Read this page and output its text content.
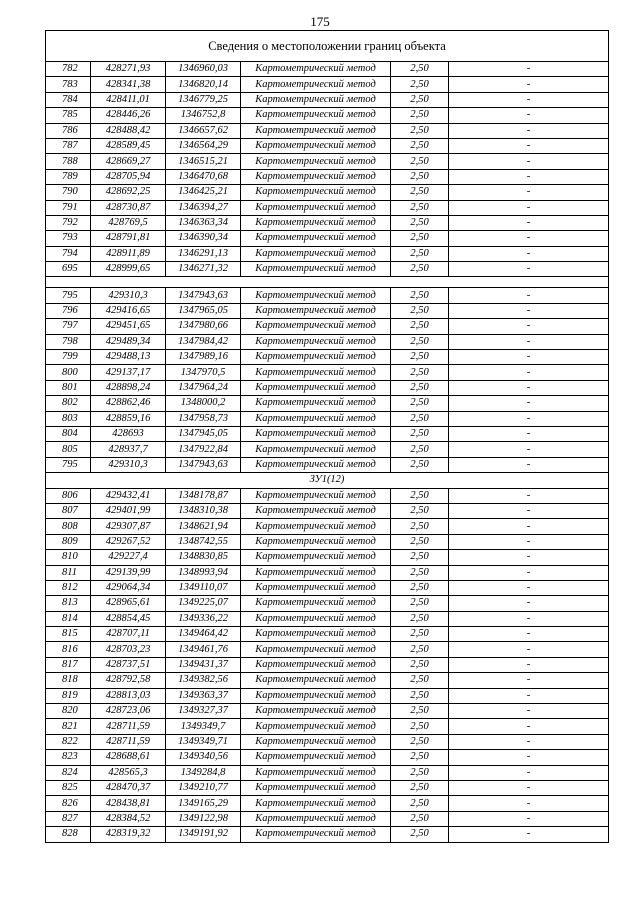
175
Сведения о местоположении границ объекта					
782	428271,93	1346960,03	Картометрический метод	2,50	-
783	428341,38	1346820,14	Картометрический метод	2,50	-
784	428411,01	1346779,25	Картометрический метод	2,50	-
785	428446,26	1346752,8	Картометрический метод	2,50	-
786	428488,42	1346657,62	Картометрический метод	2,50	-
787	428589,45	1346564,29	Картометрический метод	2,50	-
788	428669,27	1346515,21	Картометрический метод	2,50	-
789	428705,94	1346470,68	Картометрический метод	2,50	-
790	428692,25	1346425,21	Картометрический метод	2,50	-
791	428730,87	1346394,27	Картометрический метод	2,50	-
792	428769,5	1346363,34	Картометрический метод	2,50	-
793	428791,81	1346390,34	Картометрический метод	2,50	-
794	428911,89	1346291,13	Картометрический метод	2,50	-
695	428999,65	1346271,32	Картометрический метод	2,50	-

795	429310,3	1347943,63	Картометрический метод	2,50	-
796	429416,65	1347965,05	Картометрический метод	2,50	-
797	429451,65	1347980,66	Картометрический метод	2,50	-
798	429489,34	1347984,42	Картометрический метод	2,50	-
799	429488,13	1347989,16	Картометрический метод	2,50	-
800	429137,17	1347970,5	Картометрический метод	2,50	-
801	428898,24	1347964,24	Картометрический метод	2,50	-
802	428862,46	1348000,2	Картометрический метод	2,50	-
803	428859,16	1347958,73	Картометрический метод	2,50	-
804	428693	1347945,05	Картометрический метод	2,50	-
805	428937,7	1347922,84	Картометрический метод	2,50	-
795	429310,3	1347943,63	Картометрический метод	2,50	-
ЗУ1(12)					
806	429432,41	1348178,87	Картометрический метод	2,50	-
807	429401,99	1348310,38	Картометрический метод	2,50	-
808	429307,87	1348621,94	Картометрический метод	2,50	-
809	429267,52	1348742,55	Картометрический метод	2,50	-
810	429227,4	1348830,85	Картометрический метод	2,50	-
811	429139,99	1348993,94	Картометрический метод	2,50	-
812	429064,34	1349110,07	Картометрический метод	2,50	-
813	428965,61	1349225,07	Картометрический метод	2,50	-
814	428854,45	1349336,22	Картометрический метод	2,50	-
815	428707,11	1349464,42	Картометрический метод	2,50	-
816	428703,23	1349461,76	Картометрический метод	2,50	-
817	428737,51	1349431,37	Картометрический метод	2,50	-
818	428792,58	1349382,56	Картометрический метод	2,50	-
819	428813,03	1349363,37	Картометрический метод	2,50	-
820	428723,06	1349327,37	Картометрический метод	2,50	-
821	428711,59	1349349,7	Картометрический метод	2,50	-
822	428711,59	1349349,71	Картометрический метод	2,50	-
823	428688,61	1349340,56	Картометрический метод	2,50	-
824	428565,3	1349284,8	Картометрический метод	2,50	-
825	428470,37	1349210,77	Картометрический метод	2,50	-
826	428438,81	1349165,29	Картометрический метод	2,50	-
827	428384,52	1349122,98	Картометрический метод	2,50	-
828	428319,32	1349191,92	Картометрический метод	2,50	-
